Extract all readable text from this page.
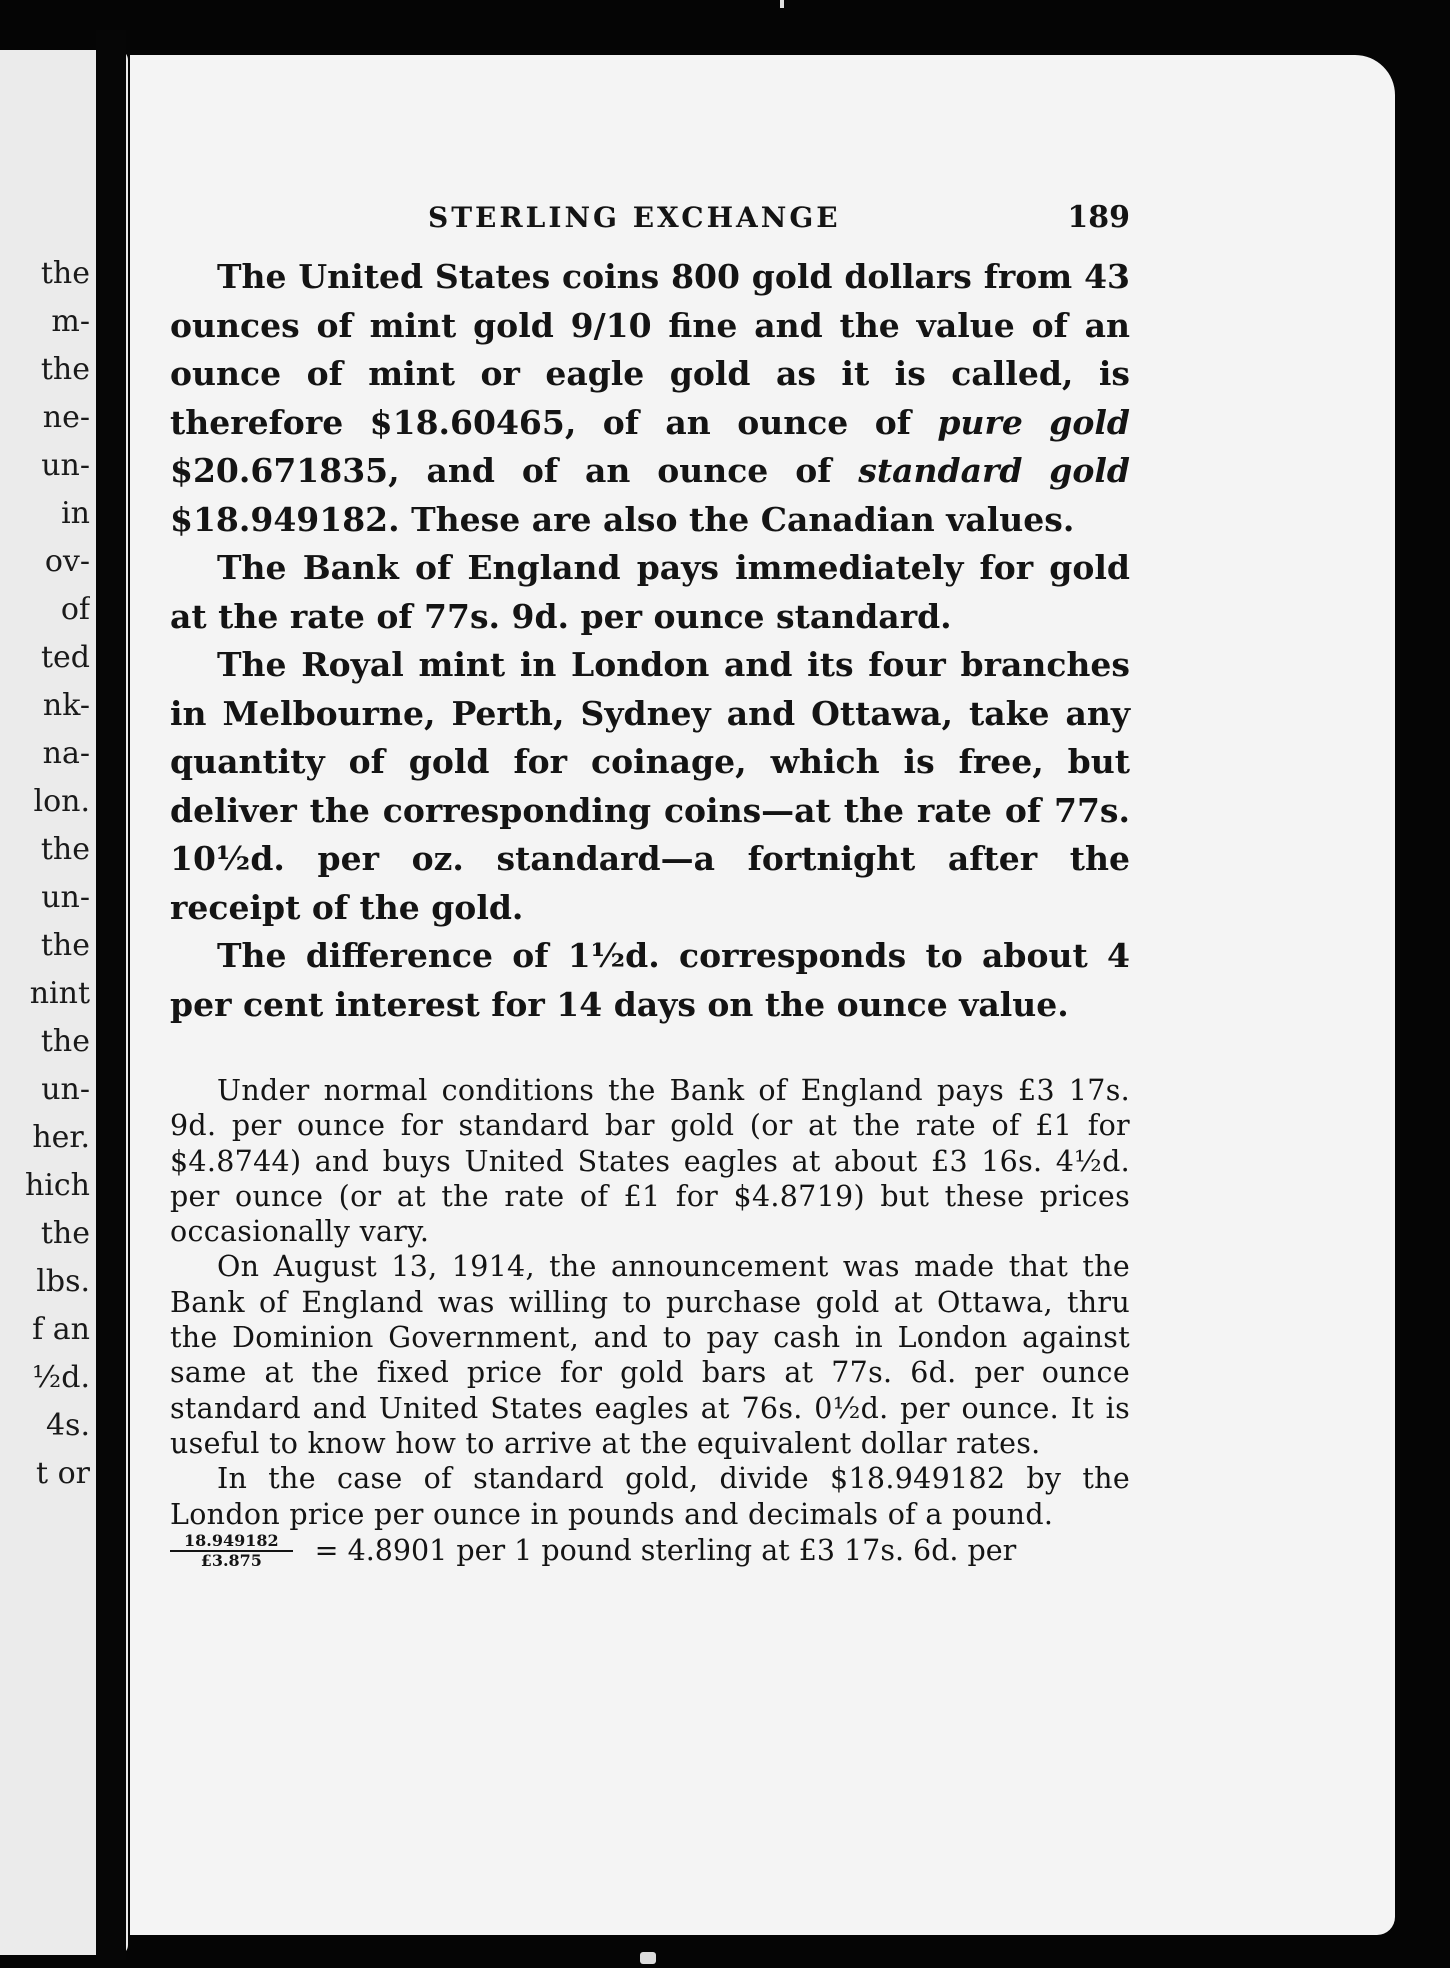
the
m-
the
ne-
un-
in
ov-
of
ted
nk-
na-
lon.
the
un-
the
nint
the
un-
her.
hich
the
lbs.
f an
½d.
4s.
t or
STERLING EXCHANGE	189

The United States coins 800 gold dollars from 43 ounces of mint gold 9/10 fine and the value of an ounce of mint or eagle gold as it is called, is therefore $18.60465, of an ounce of pure gold $20.671835, and of an ounce of standard gold $18.949182. These are also the Canadian values.

The Bank of England pays immediately for gold at the rate of 77s. 9d. per ounce standard.

The Royal mint in London and its four branches in Melbourne, Perth, Sydney and Ottawa, take any quantity of gold for coinage, which is free, but deliver the corresponding coins—at the rate of 77s. 10½d. per oz. standard—a fortnight after the receipt of the gold.

The difference of 1½d. corresponds to about 4 per cent interest for 14 days on the ounce value.

Under normal conditions the Bank of England pays £3 17s. 9d. per ounce for standard bar gold (or at the rate of £1 for $4.8744) and buys United States eagles at about £3 16s. 4½d. per ounce (or at the rate of £1 for $4.8719) but these prices occasionally vary.

On August 13, 1914, the announcement was made that the Bank of England was willing to purchase gold at Ottawa, thru the Dominion Government, and to pay cash in London against same at the fixed price for gold bars at 77s. 6d. per ounce standard and United States eagles at 76s. 0½d. per ounce. It is useful to know how to arrive at the equivalent dollar rates.

In the case of standard gold, divide $18.949182 by the London price per ounce in pounds and decimals of a pound.

$\frac{18.949182}{£3.875} = 4.8901$ per 1 pound sterling at £3 17s. 6d. per
